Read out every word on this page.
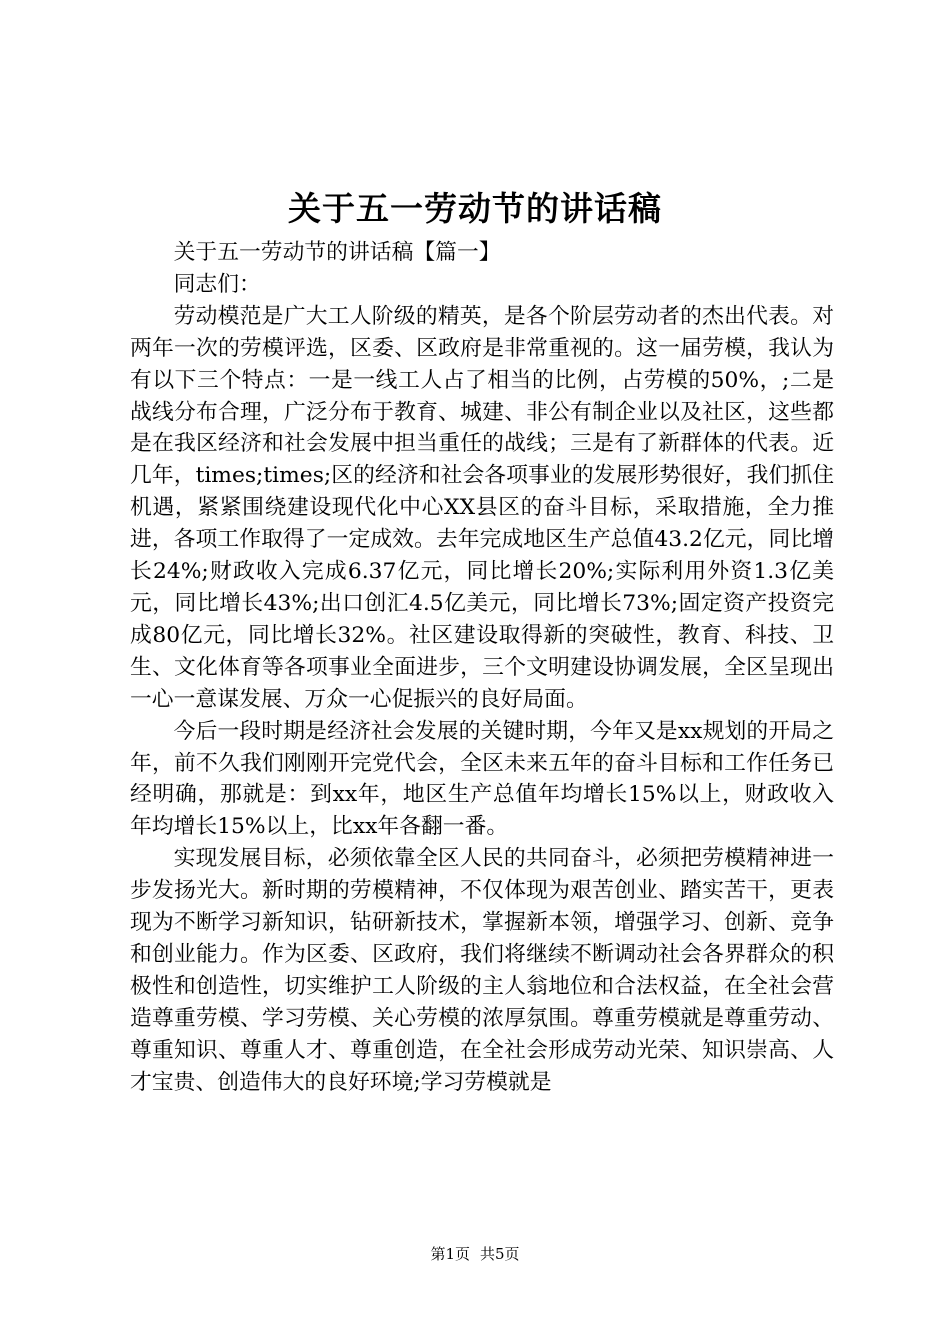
关于五一劳动节的讲话稿

关于五一劳动节的讲话稿【篇一】

同志们：

劳动模范是广大工人阶级的精英，是各个阶层劳动者的杰出代表。对两年一次的劳模评选，区委、区政府是非常重视的。这一届劳模，我认为有以下三个特点：一是一线工人占了相当的比例，占劳模的50%，;二是战线分布合理，广泛分布于教育、城建、非公有制企业以及社区，这些都是在我区经济和社会发展中担当重任的战线；三是有了新群体的代表。近几年，times;times;区的经济和社会各项事业的发展形势很好，我们抓住机遇，紧紧围绕建设现代化中心XX县区的奋斗目标，采取措施，全力推进，各项工作取得了一定成效。去年完成地区生产总值43.2亿元，同比增长24%;财政收入完成6.37亿元，同比增长20%;实际利用外资1.3亿美元，同比增长43%;出口创汇4.5亿美元，同比增长73%;固定资产投资完成80亿元，同比增长32%。社区建设取得新的突破性，教育、科技、卫生、文化体育等各项事业全面进步，三个文明建设协调发展，全区呈现出一心一意谋发展、万众一心促振兴的良好局面。

今后一段时期是经济社会发展的关键时期，今年又是xx规划的开局之年，前不久我们刚刚开完党代会，全区未来五年的奋斗目标和工作任务已经明确，那就是：到xx年，地区生产总值年均增长15%以上，财政收入年均增长15%以上，比xx年各翻一番。

实现发展目标，必须依靠全区人民的共同奋斗，必须把劳模精神进一步发扬光大。新时期的劳模精神，不仅体现为艰苦创业、踏实苦干，更表现为不断学习新知识，钻研新技术，掌握新本领，增强学习、创新、竞争和创业能力。作为区委、区政府，我们将继续不断调动社会各界群众的积极性和创造性，切实维护工人阶级的主人翁地位和合法权益，在全社会营造尊重劳模、学习劳模、关心劳模的浓厚氛围。尊重劳模就是尊重劳动、尊重知识、尊重人才、尊重创造，在全社会形成劳动光荣、知识崇高、人才宝贵、创造伟大的良好环境;学习劳模就是

第1页 共5页
